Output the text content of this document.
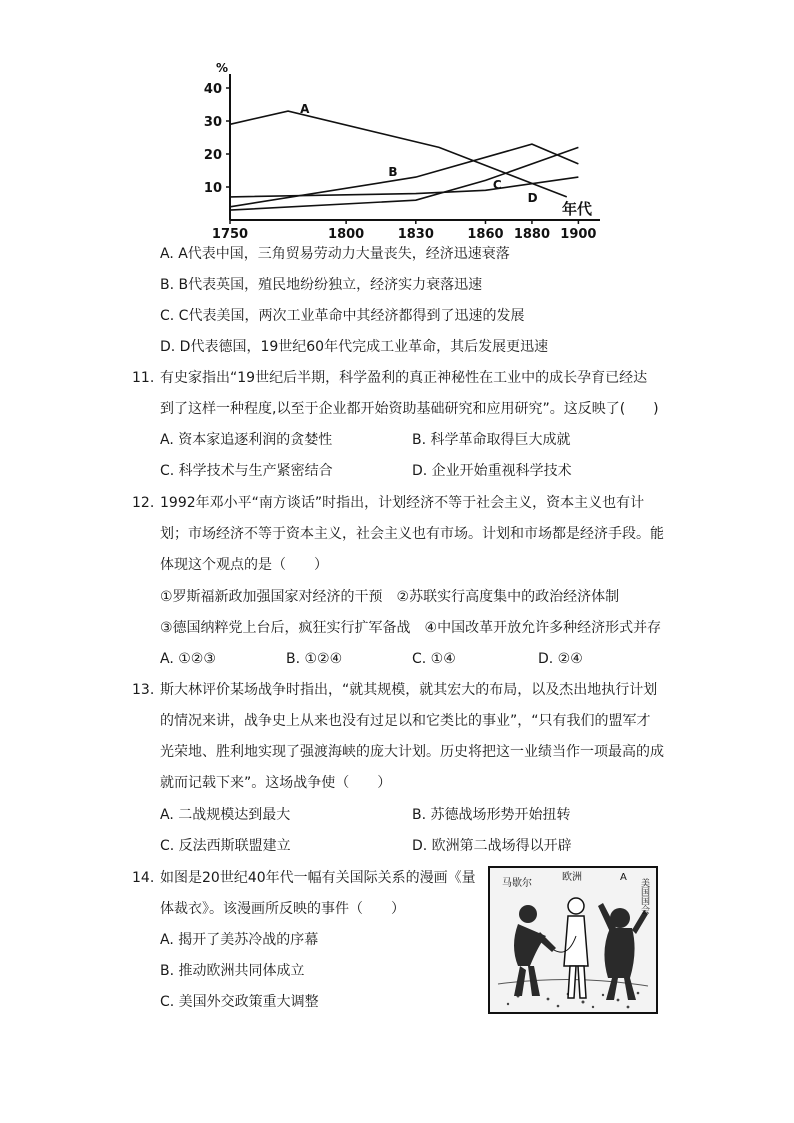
%
年代
10
20
30
40
1750	1800	1830	1860 1880 1900
A
B
C
D
A. A代表中国，三角贸易劳动力大量丧失，经济迅速衰落
B. B代表英国，殖民地纷纷独立，经济实力衰落迅速
C. C代表美国，两次工业革命中其经济都得到了迅速的发展
D. D代表德国，19世纪60年代完成工业革命，其后发展更迅速
11. 有史家指出“19世纪后半期，科学盈利的真正神秘性在工业中的成长孕育已经达
到了这样一种程度,以至于企业都开始资助基础研究和应用研究”。这反映了(　　)
A. 资本家追逐利润的贪婪性	B. 科学革命取得巨大成就
C. 科学技术与生产紧密结合	D. 企业开始重视科学技术
12. 1992年邓小平“南方谈话”时指出，计划经济不等于社会主义，资本主义也有计
划；市场经济不等于资本主义，社会主义也有市场。计划和市场都是经济手段。能
体现这个观点的是（　　）
①罗斯福新政加强国家对经济的干预　②苏联实行高度集中的政治经济体制
③德国纳粹党上台后，疯狂实行扩军备战　④中国改革开放允许多种经济形式并存
A. ①②③	B. ①②④	C. ①④	D. ②④
13. 斯大林评价某场战争时指出，“就其规模，就其宏大的布局，以及杰出地执行计划
的情况来讲，战争史上从来也没有过足以和它类比的事业”，“只有我们的盟军才
光荣地、胜利地实现了强渡海峡的庞大计划。历史将把这一业绩当作一项最高的成
就而记载下来”。这场战争使（　　）
A. 二战规模达到最大	B. 苏德战场形势开始扭转
C. 反法西斯联盟建立	D. 欧洲第二战场得以开辟
14. 如图是20世纪40年代一幅有关国际关系的漫画《量
体裁衣》。该漫画所反映的事件（　　）
A. 揭开了美苏冷战的序幕
B. 推动欧洲共同体成立
C. 美国外交政策重大调整
马歇尔
欧洲	A
美国国会
